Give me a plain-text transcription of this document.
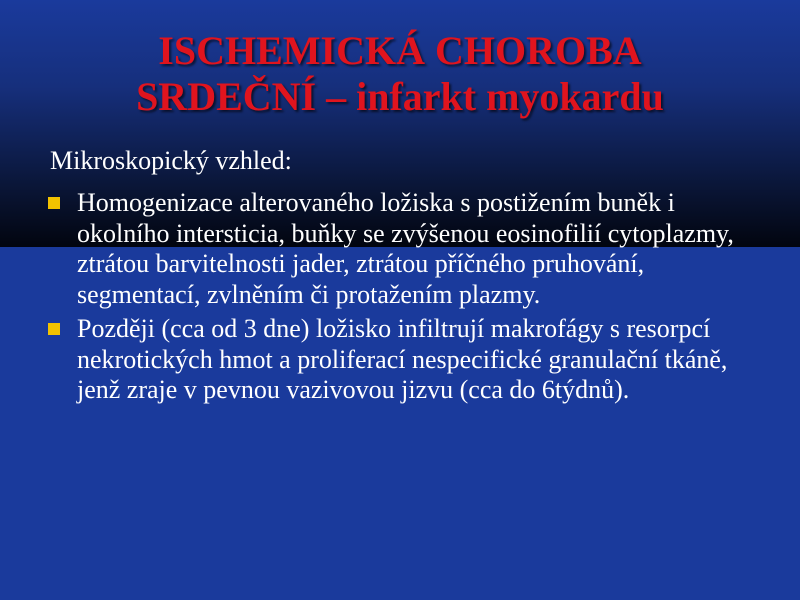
ISCHEMICKÁ CHOROBA
SRDEČNÍ – infarkt myokardu

Mikroskopický vzhled:

Homogenizace alterovaného ložiska s postižením buněk i okolního intersticia, buňky se zvýšenou eosinofilií cytoplazmy, ztrátou barvitelnosti jader, ztrátou příčného pruhování, segmentací, zvlněním či protažením plazmy.
Později (cca od 3 dne) ložisko infiltrují makrofágy s resorpcí nekrotických hmot a proliferací nespecifické granulační tkáně, jenž zraje v pevnou vazivovou jizvu (cca do 6týdnů).
